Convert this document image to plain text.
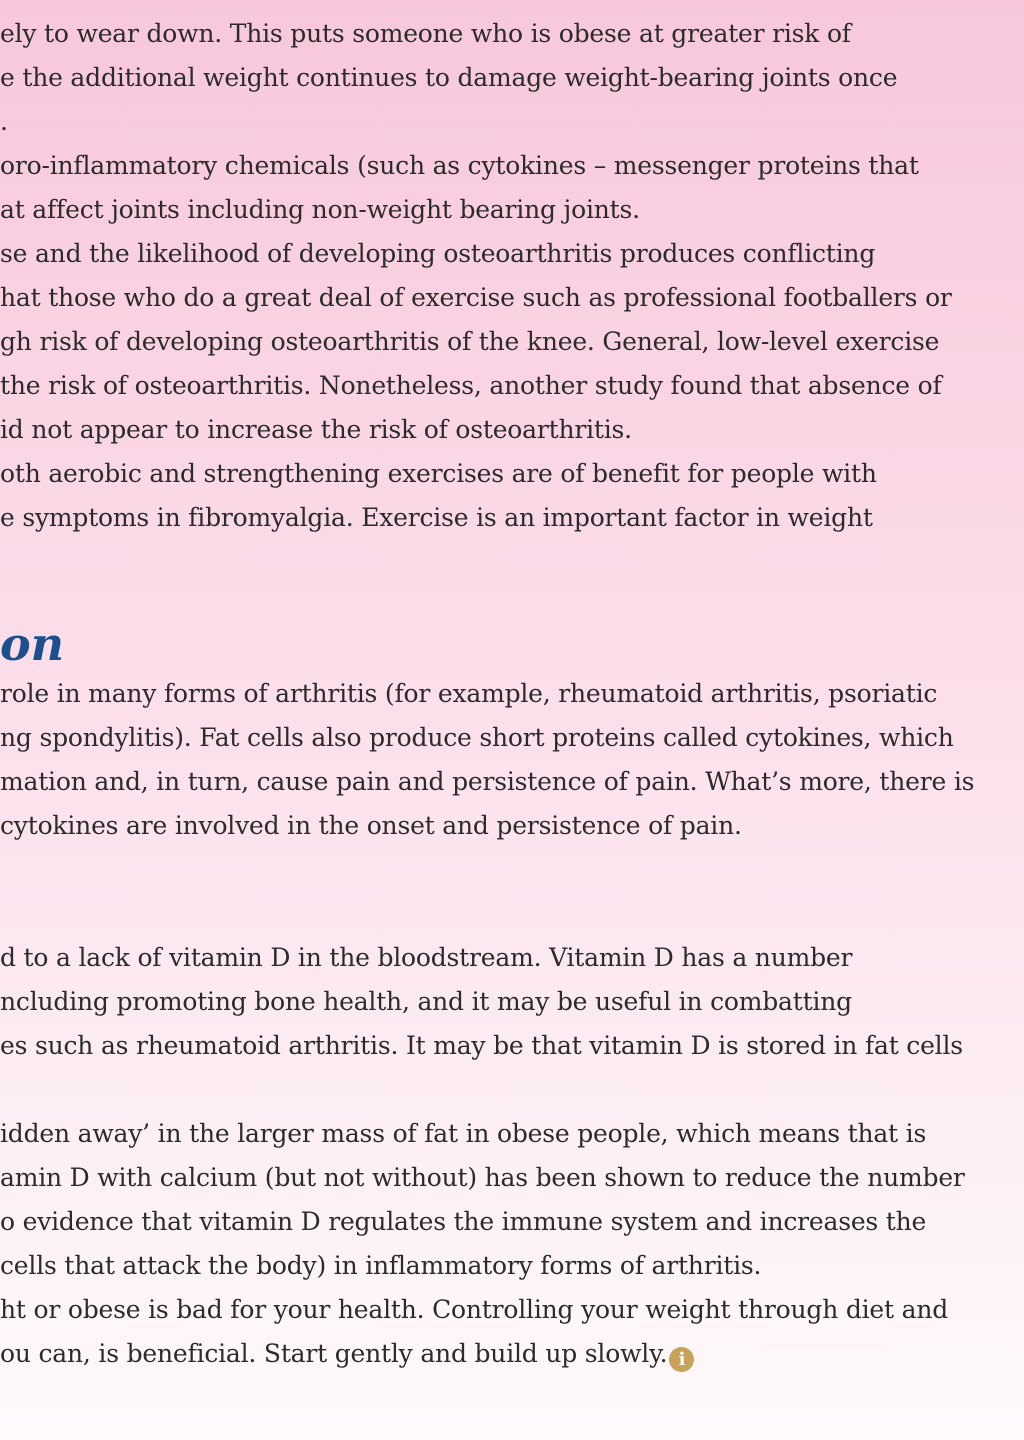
ely to wear down. This puts someone who is obese at greater risk of
e the additional weight continues to damage weight-bearing joints once
.
oro-inflammatory chemicals (such as cytokines – messenger proteins that
at affect joints including non-weight bearing joints.
se and the likelihood of developing osteoarthritis produces conflicting
hat those who do a great deal of exercise such as professional footballers or
gh risk of developing osteoarthritis of the knee. General, low-level exercise
the risk of osteoarthritis. Nonetheless, another study found that absence of
id not appear to increase the risk of osteoarthritis.
oth aerobic and strengthening exercises are of benefit for people with
e symptoms in fibromyalgia. Exercise is an important factor in weight
on
role in many forms of arthritis (for example, rheumatoid arthritis, psoriatic
ng spondylitis). Fat cells also produce short proteins called cytokines, which
mation and, in turn, cause pain and persistence of pain. What’s more, there is
cytokines are involved in the onset and persistence of pain.
d to a lack of vitamin D in the bloodstream. Vitamin D has a number
ncluding promoting bone health, and it may be useful in combatting
es such as rheumatoid arthritis. It may be that vitamin D is stored in fat cells
idden away’ in the larger mass of fat in obese people, which means that is
amin D with calcium (but not without) has been shown to reduce the number
o evidence that vitamin D regulates the immune system and increases the
cells that attack the body) in inflammatory forms of arthritis.
ht or obese is bad for your health. Controlling your weight through diet and
ou can, is beneficial. Start gently and build up slowly. i
